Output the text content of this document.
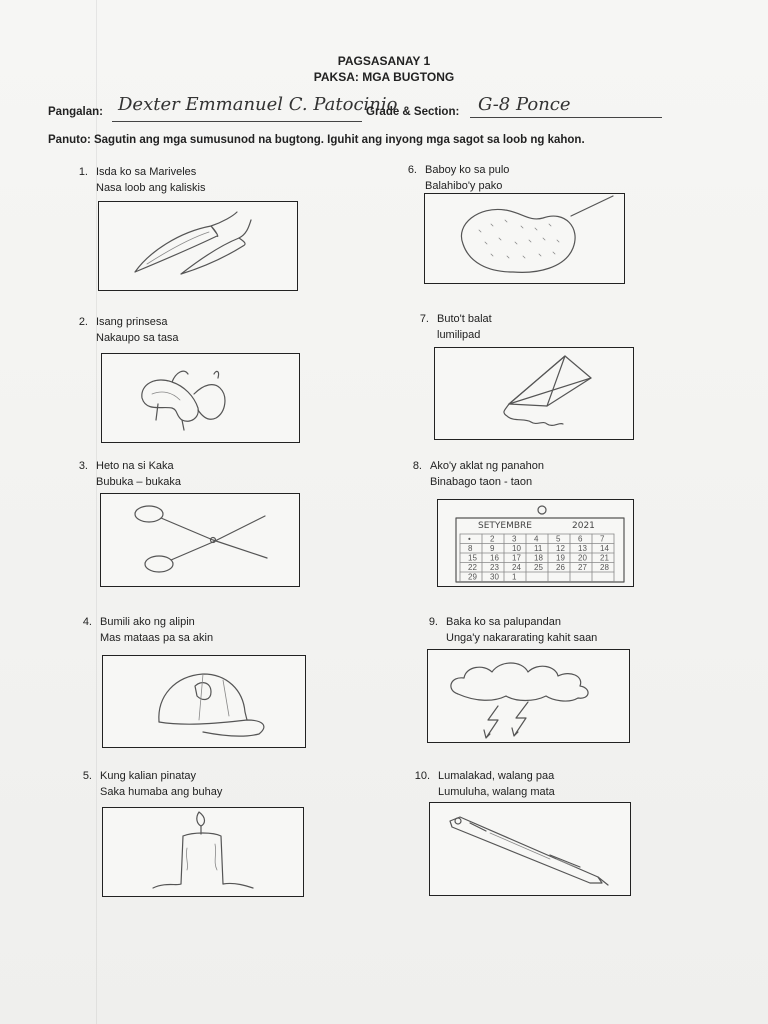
PAGSASANAY 1
PAKSA: MGA BUGTONG
Pangalan: Dexter Emmanuel C. Patocinio
Grade & Section: G-8 Ponce
Panuto: Sagutin ang mga sumusunod na bugtong. Iguhit ang inyong mga sagot sa loob ng kahon.
1. Isda ko sa Mariveles
Nasa loob ang kaliskis
2. Isang prinsesa
Nakaupo sa tasa
3. Heto na si Kaka
Bubuka – bukaka
4. Bumili ako ng alipin
Mas mataas pa sa akin
5. Kung kalian pinatay
Saka humaba ang buhay
6. Baboy ko sa pulo
Balahibo'y pako
7. Buto't balat
lumilipad
8. Ako'y aklat ng panahon
Binabago taon - taon
SETYEMBRE	2021
• 2 3 4 5 6 7
8 9 10 11 12 13 14
15 16 17 18 19 20 21
22 23 24 25 26 27 28
29 30 1
9. Baka ko sa palupandan
Unga'y nakararating kahit saan
10. Lumalakad, walang paa
Lumuluha, walang mata
